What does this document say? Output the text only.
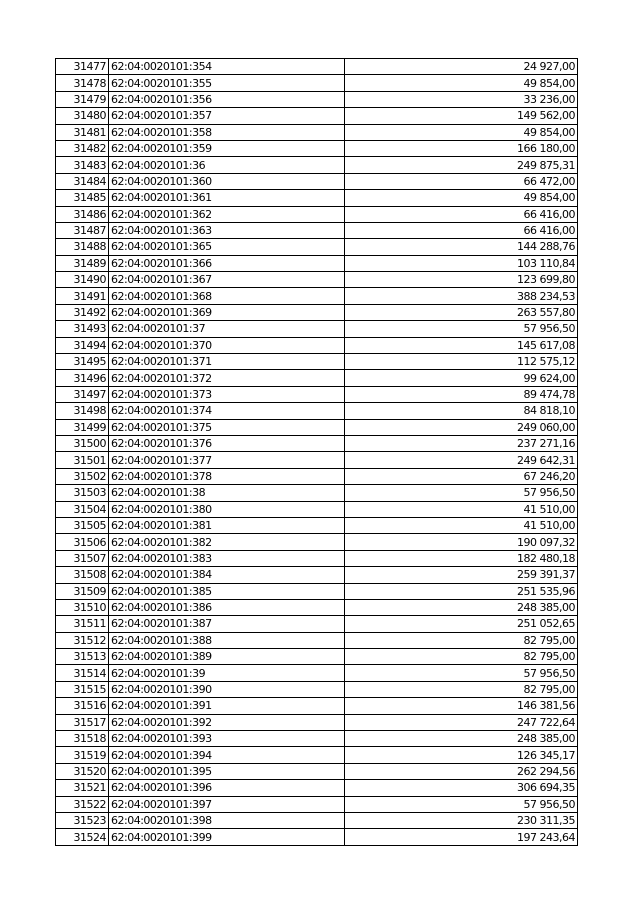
31477	62:04:0020101:354	24 927,00
31478	62:04:0020101:355	49 854,00
31479	62:04:0020101:356	33 236,00
31480	62:04:0020101:357	149 562,00
31481	62:04:0020101:358	49 854,00
31482	62:04:0020101:359	166 180,00
31483	62:04:0020101:36	249 875,31
31484	62:04:0020101:360	66 472,00
31485	62:04:0020101:361	49 854,00
31486	62:04:0020101:362	66 416,00
31487	62:04:0020101:363	66 416,00
31488	62:04:0020101:365	144 288,76
31489	62:04:0020101:366	103 110,84
31490	62:04:0020101:367	123 699,80
31491	62:04:0020101:368	388 234,53
31492	62:04:0020101:369	263 557,80
31493	62:04:0020101:37	57 956,50
31494	62:04:0020101:370	145 617,08
31495	62:04:0020101:371	112 575,12
31496	62:04:0020101:372	99 624,00
31497	62:04:0020101:373	89 474,78
31498	62:04:0020101:374	84 818,10
31499	62:04:0020101:375	249 060,00
31500	62:04:0020101:376	237 271,16
31501	62:04:0020101:377	249 642,31
31502	62:04:0020101:378	67 246,20
31503	62:04:0020101:38	57 956,50
31504	62:04:0020101:380	41 510,00
31505	62:04:0020101:381	41 510,00
31506	62:04:0020101:382	190 097,32
31507	62:04:0020101:383	182 480,18
31508	62:04:0020101:384	259 391,37
31509	62:04:0020101:385	251 535,96
31510	62:04:0020101:386	248 385,00
31511	62:04:0020101:387	251 052,65
31512	62:04:0020101:388	82 795,00
31513	62:04:0020101:389	82 795,00
31514	62:04:0020101:39	57 956,50
31515	62:04:0020101:390	82 795,00
31516	62:04:0020101:391	146 381,56
31517	62:04:0020101:392	247 722,64
31518	62:04:0020101:393	248 385,00
31519	62:04:0020101:394	126 345,17
31520	62:04:0020101:395	262 294,56
31521	62:04:0020101:396	306 694,35
31522	62:04:0020101:397	57 956,50
31523	62:04:0020101:398	230 311,35
31524	62:04:0020101:399	197 243,64
